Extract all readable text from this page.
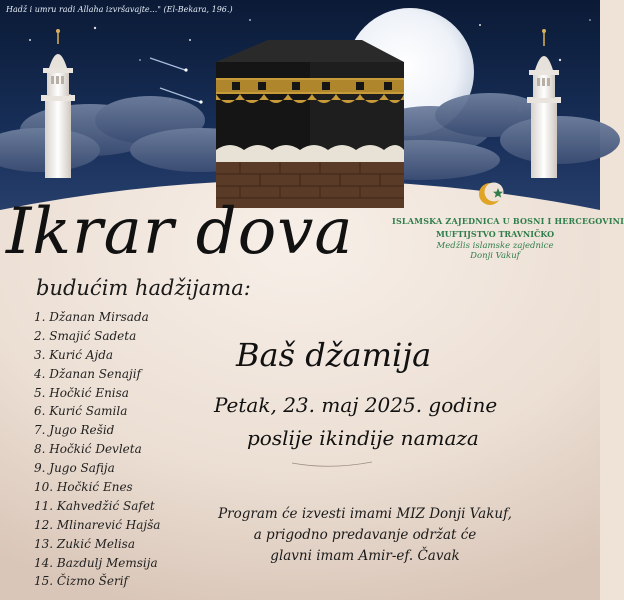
Hadž i umru radi Allaha izvršavajte..." (El-Bekara, 196.)
ISLAMSKA ZAJEDNICA U BOSNI I HERCEGOVINI
MUFTIJSTVO TRAVNIČKO
Medžlis islamske zajednice
Donji Vakuf
Ikrar dova
budućim hadžijama:
1. Džanan Mirsada
2. Smajić Sadeta
3. Kurić Ajda
4. Džanan Senajif
5. Hočkić Enisa
6. Kurić Samila
7. Jugo Rešid
8. Hočkić Devleta
9. Jugo Safija
10. Hočkić Enes
11. Kahvedžić Safet
12. Mlinarević Hajša
13. Zukić Melisa
14. Bazdulj Memsija
15. Čizmo Šerif
Baš džamija
Petak, 23. maj 2025. godine
poslije ikindije namaza
Program će izvesti imami MIZ Donji Vakuf,
a prigodno predavanje održat će
glavni imam Amir-ef. Čavak
